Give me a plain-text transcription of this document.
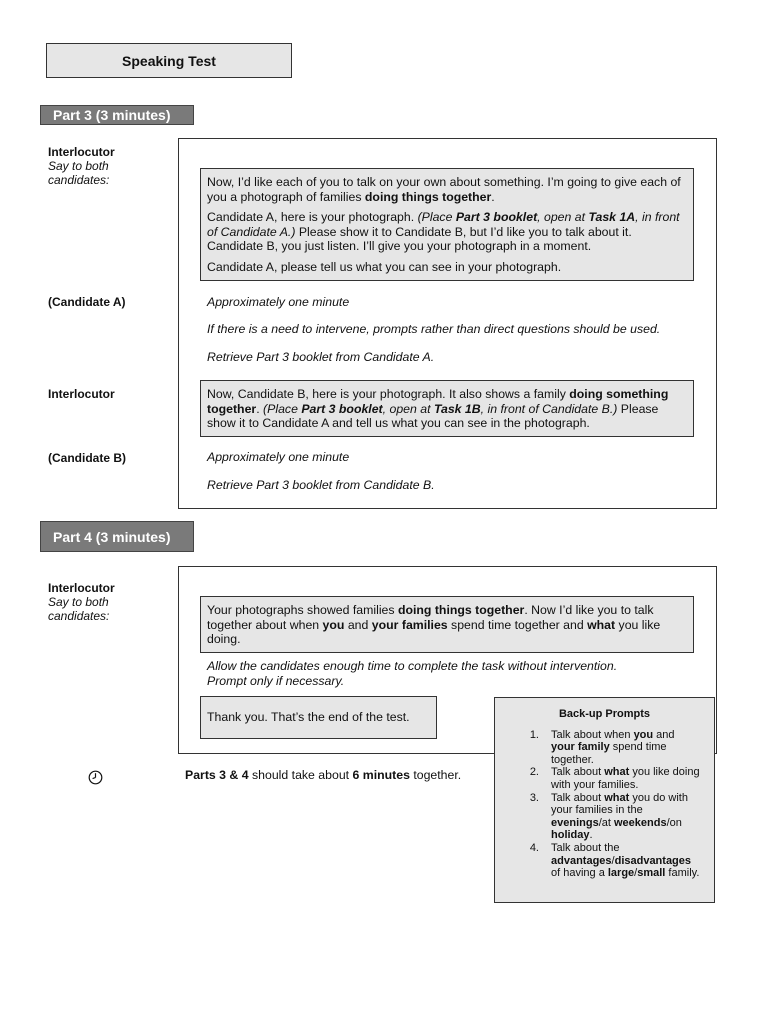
Speaking Test
Part 3 (3 minutes)
Interlocutor
Say to both
candidates:	Now, I’d like each of you to talk on your own about something. I’m going to give each of you a photograph of families doing things together.

Candidate A, here is your photograph. (Place Part 3 booklet, open at Task 1A, in front of Candidate A.) Please show it to Candidate B, but I’d like you to talk about it. Candidate B, you just listen. I’ll give you your photograph in a moment.

Candidate A, please tell us what you can see in your photograph.

(Candidate A)	Approximately one minute
If there is a need to intervene, prompts rather than direct questions should be used.
Retrieve Part 3 booklet from Candidate A.
Interlocutor	Now, Candidate B, here is your photograph. It also shows a family doing something together. (Place Part 3 booklet, open at Task 1B, in front of Candidate B.) Please show it to Candidate A and tell us what you can see in the photograph.

(Candidate B)	Approximately one minute
Retrieve Part 3 booklet from Candidate B.
Part 4 (3 minutes)
Interlocutor
Say to both
candidates:	Your photographs showed families doing things together. Now I’d like you to talk together about when you and your families spend time together and what you like doing.

Allow the candidates enough time to complete the task without intervention.
Prompt only if necessary.
Thank you. That’s the end of the test.	Back-up Prompts
1.	Talk about when you and your family spend time together.
2.	Talk about what you like doing with your families.
3.	Talk about what you do with your families in the evenings/at weekends/on holiday.
4.	Talk about the advantages/disadvantages of having a large/small family.
Parts 3 & 4 should take about 6 minutes together.
